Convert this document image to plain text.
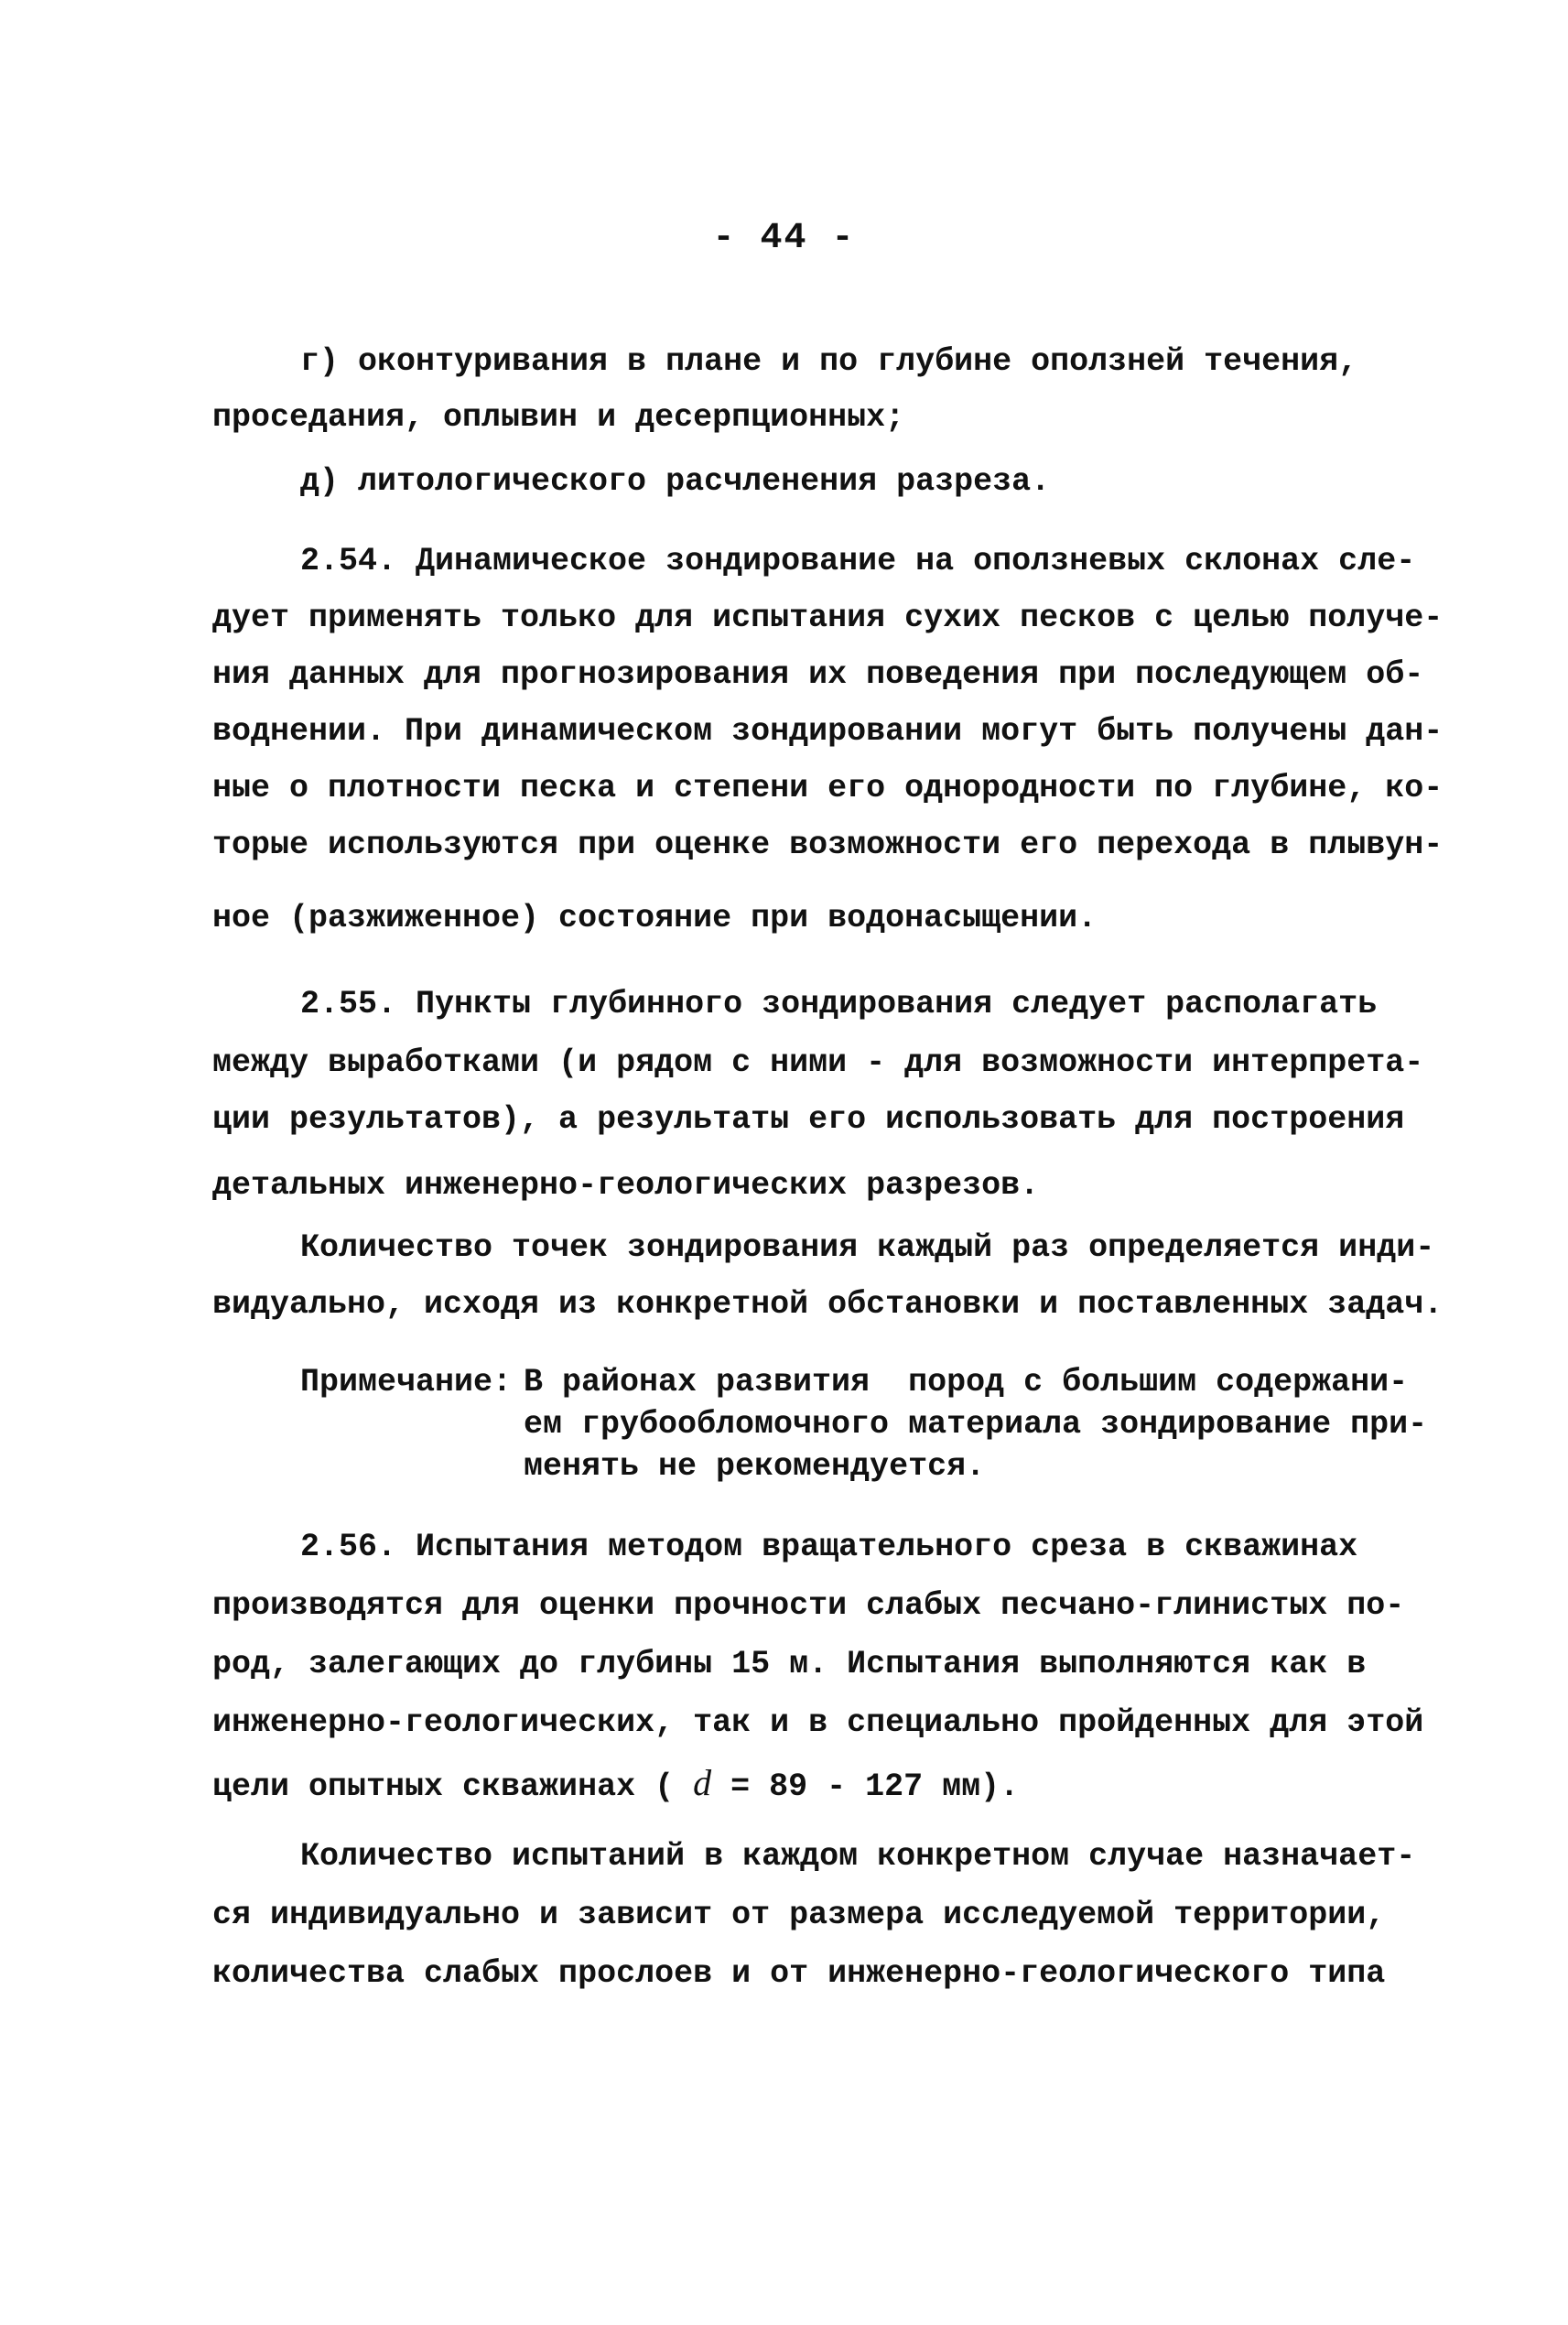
- 44 -
г) оконтуривания в плане и по глубине оползней течения,
проседания, оплывин и десерпционных;
д) литологического расчленения разреза.
2.54. Динамическое зондирование на оползневых склонах сле-
дует применять только для испытания сухих песков с целью получе-
ния данных для прогнозирования их поведения при последующем об-
воднении. При динамическом зондировании могут быть получены дан-
ные о плотности песка и степени его однородности по глубине, ко-
торые используются при оценке возможности его перехода в плывун-
ное (разжиженное) состояние при водонасыщении.
2.55. Пункты глубинного зондирования следует располагать
между выработками (и рядом с ними - для возможности интерпрета-
ции результатов), а результаты его использовать для построения
детальных инженерно-геологических разрезов.
Количество точек зондирования каждый раз определяется инди-
видуально, исходя из конкретной обстановки и поставленных задач.
Примечание: В районах развития  пород с большим содержани-
ем грубообломочного материала зондирование при-
менять не рекомендуется.
2.56. Испытания методом вращательного среза в скважинах
производятся для оценки прочности слабых песчано-глинистых по-
род, залегающих до глубины 15 м. Испытания выполняются как в
инженерно-геологических, так и в специально пройденных для этой
цели опытных скважинах ( d = 89 - 127 мм).
Количество испытаний в каждом конкретном случае назначает-
ся индивидуально и зависит от размера исследуемой территории,
количества слабых прослоев и от инженерно-геологического типа
